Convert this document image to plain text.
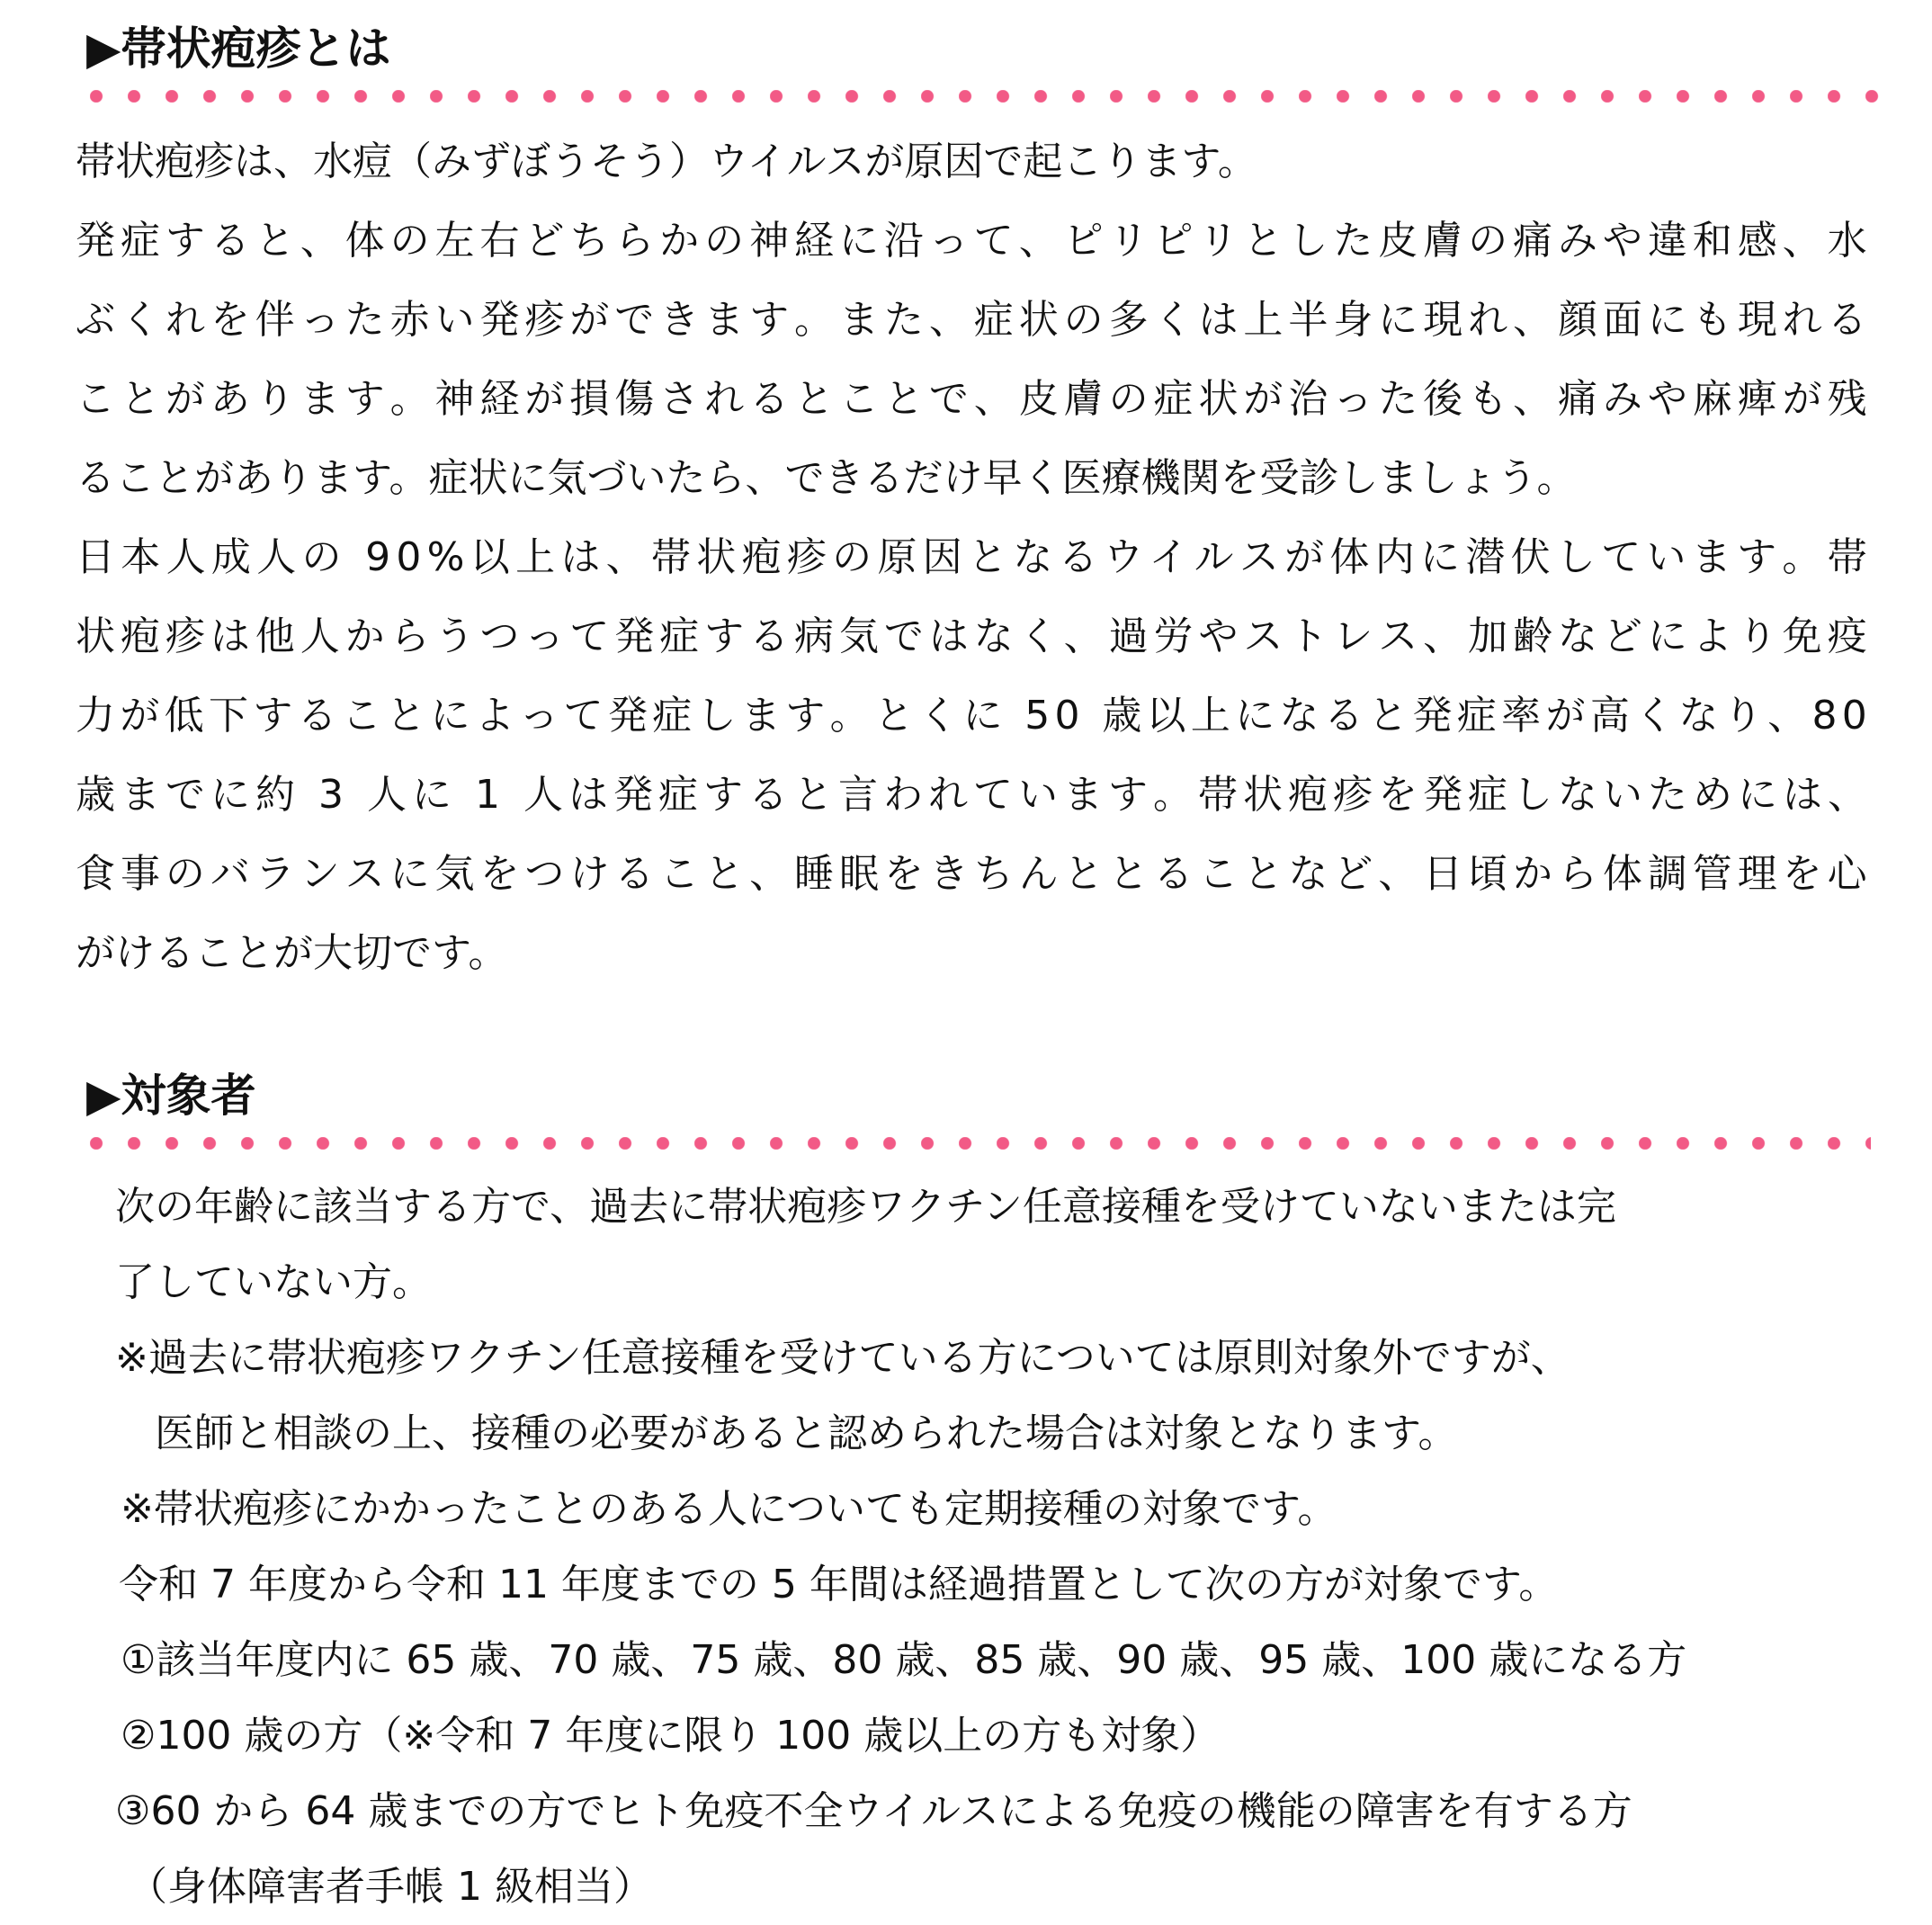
▶帯状疱疹とは
帯状疱疹は、水痘（みずぼうそう）ウイルスが原因で起こります。
発 症 す る と 、 体 の 左 右 ど ち ら か の 神 経 に 沿 っ て 、 ピ リ ピ リ と し た 皮 膚 の 痛 み や 違 和 感 、 水
ぶ く れ を 伴 っ た 赤 い 発 疹 が で き ま す 。 ま た 、 症 状 の 多 く は 上 半 身 に 現 れ 、 顔 面 に も 現 れ る
こ と が あ り ま す 。 神 経 が 損 傷 さ れ る と こ と で 、 皮 膚 の 症 状 が 治 っ た 後 も 、 痛 み や 麻 痺 が 残
ることがあります。症状に気づいたら、できるだけ早く医療機関を受診しましょう。
日 本 人 成 人 の
9 0 % 以 上 は 、 帯 状 疱 疹 の 原 因 と な る ウ イ ル ス が 体 内 に 潜 伏 し て い ま す 。 帯
状 疱 疹 は 他 人 か ら う つ っ て 発 症 す る 病 気 で は な く 、 過 労 や ス ト レ ス 、 加 齢 な ど に よ り 免 疫
力 が 低 下 す る こ と に よ っ て 発 症 し ま す 。 と く に
5 0
歳 以 上 に な る と 発 症 率 が 高 く な り 、 8 0
歳 ま で に 約
3
人 に
1
人 は 発 症 す る と 言 わ れ て い ま す 。 帯 状 疱 疹 を 発 症 し な い た め に は 、
食 事 の バ ラ ン ス に 気 を つ け る こ と 、 睡 眠 を き ち ん と と る こ と な ど 、 日 頃 か ら 体 調 管 理 を 心
がけることが大切です。
▶対象者
次の年齢に該当する方で、過去に帯状疱疹ワクチン任意接種を受けていないまたは完
了していない方。
※過去に帯状疱疹ワクチン任意接種を受けている方については原則対象外ですが、
医師と相談の上、接種の必要があると認められた場合は対象となります。
※帯状疱疹にかかったことのある人についても定期接種の対象です。
令和 7 年度から令和 11 年度までの 5 年間は経過措置として次の方が対象です。
①該当年度内に 65 歳、70 歳、75 歳、80 歳、85 歳、90 歳、95 歳、100 歳になる方
②100 歳の方（※令和 7 年度に限り 100 歳以上の方も対象）
③60 から 64 歳までの方でヒト免疫不全ウイルスによる免疫の機能の障害を有する方
（身体障害者手帳 1 級相当）
